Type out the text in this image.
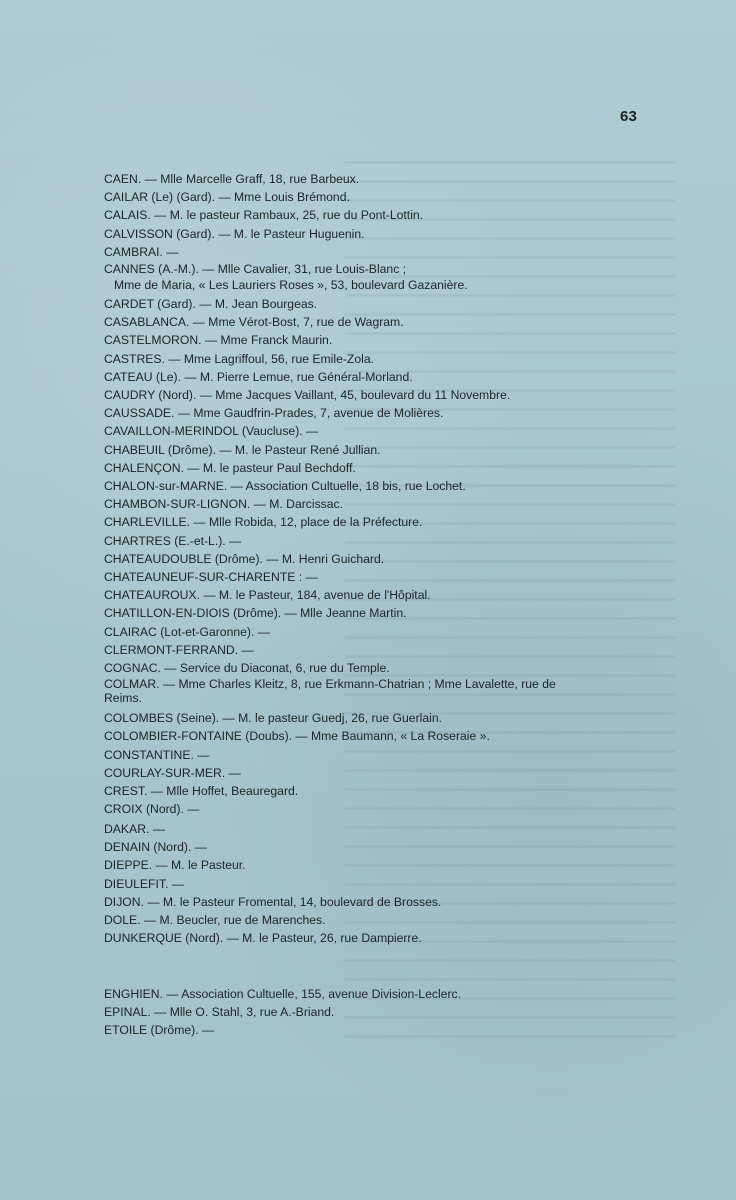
63
CAEN. — Mlle Marcelle Graff, 18, rue Barbeux.
CAILAR (Le) (Gard). — Mme Louis Brémond.
CALAIS. — M. le pasteur Rambaux, 25, rue du Pont-Lottin.
CALVISSON (Gard). — M. le Pasteur Huguenin.
CAMBRAI. —
CANNES (A.-M.). — Mlle Cavalier, 31, rue Louis-Blanc ;
Mme de Maria, « Les Lauriers Roses », 53, boulevard Gazanière.
CARDET (Gard). — M. Jean Bourgeas.
CASABLANCA. — Mme Vérot-Bost, 7, rue de Wagram.
CASTELMORON. — Mme Franck Maurin.
CASTRES. — Mme Lagriffoul, 56, rue Emile-Zola.
CATEAU (Le). — M. Pierre Lemue, rue Général-Morland.
CAUDRY (Nord). — Mme Jacques Vaillant, 45, boulevard du 11 Novembre.
CAUSSADE. — Mme Gaudfrin-Prades, 7, avenue de Molières.
CAVAILLON-MERINDOL (Vaucluse). —
CHABEUIL (Drôme). — M. le Pasteur René Jullian.
CHALENÇON. — M. le pasteur Paul Bechdoff.
CHALON-sur-MARNE. — Association Cultuelle, 18 bis, rue Lochet.
CHAMBON-SUR-LIGNON. — M. Darcissac.
CHARLEVILLE. — Mlle Robida, 12, place de la Préfecture.
CHARTRES (E.-et-L.). —
CHATEAUDOUBLE (Drôme). — M. Henri Guichard.
CHATEAUNEUF-SUR-CHARENTE : —
CHATEAUROUX. — M. le Pasteur, 184, avenue de l'Hôpital.
CHATILLON-EN-DIOIS (Drôme). — Mlle Jeanne Martin.
CLAIRAC (Lot-et-Garonne). —
CLERMONT-FERRAND. —
COGNAC. — Service du Diaconat, 6, rue du Temple.
COLMAR. — Mme Charles Kleitz, 8, rue Erkmann-Chatrian ; Mme Lavalette, rue de
Reims.
COLOMBES (Seine). — M. le pasteur Guedj, 26, rue Guerlain.
COLOMBIER-FONTAINE (Doubs). — Mme Baumann, « La Roseraie ».
CONSTANTINE. —
COURLAY-SUR-MER. —
CREST. — Mlle Hoffet, Beauregard.
CROIX (Nord). —
DAKAR. —
DENAIN (Nord). —
DIEPPE. — M. le Pasteur.
DIEULEFIT. —
DIJON. — M. le Pasteur Fromental, 14, boulevard de Brosses.
DOLE. — M. Beucler, rue de Marenches.
DUNKERQUE (Nord). — M. le Pasteur, 26, rue Dampierre.
ENGHIEN. — Association Cultuelle, 155, avenue Division-Leclerc.
EPINAL. — Mlle O. Stahl, 3, rue A.-Briand.
ETOILE (Drôme). —
